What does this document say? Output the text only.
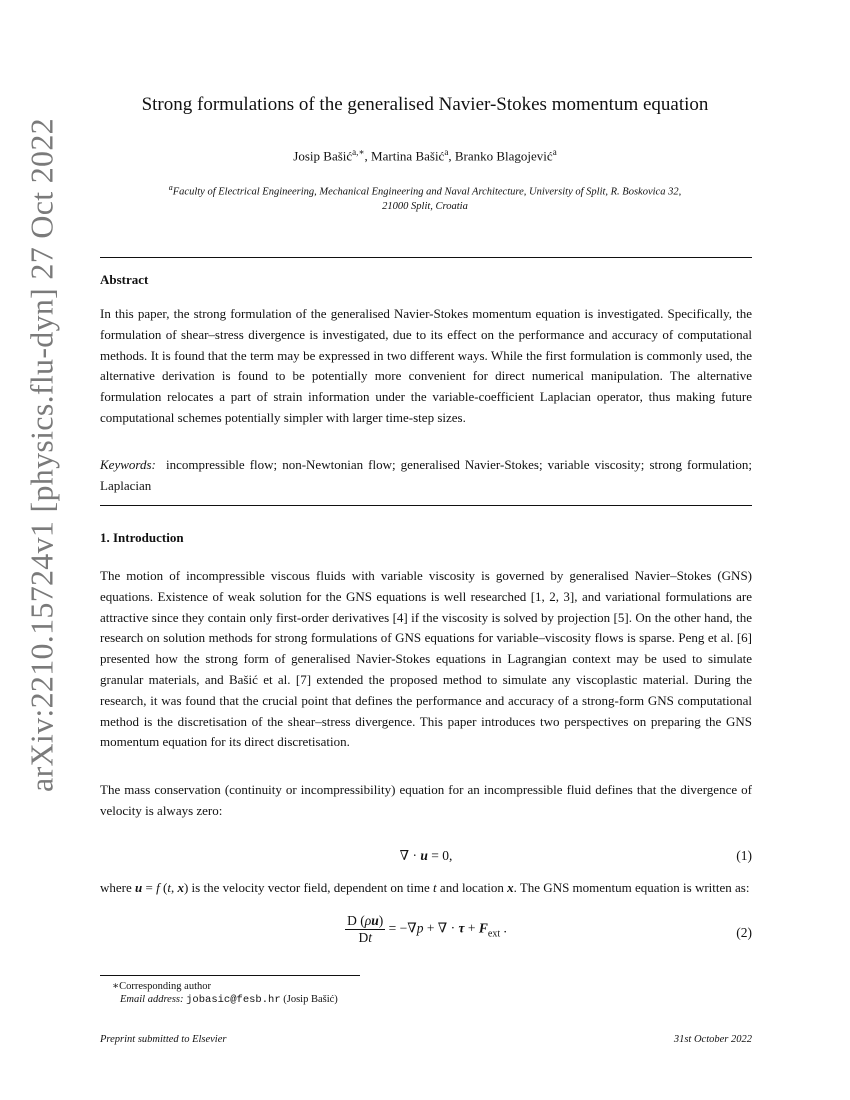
arXiv:2210.15724v1 [physics.flu-dyn] 27 Oct 2022
Strong formulations of the generalised Navier-Stokes momentum equation
Josip Bašić$^{a,∗}$, Martina Bašić$^a$, Branko Blagojević$^a$
$^a$Faculty of Electrical Engineering, Mechanical Engineering and Naval Architecture, University of Split, R. Boskovica 32,
21000 Split, Croatia
Abstract
In this paper, the strong formulation of the generalised Navier-Stokes momentum equation is investigated. Specifically, the formulation of shear–stress divergence is investigated, due to its effect on the performance and accuracy of computational methods. It is found that the term may be expressed in two different ways. While the first formulation is commonly used, the alternative derivation is found to be potentially more convenient for direct numerical manipulation. The alternative formulation relocates a part of strain information under the variable-coefficient Laplacian operator, thus making future computational schemes potentially simpler with larger time-step sizes.
Keywords: incompressible flow; non-Newtonian flow; generalised Navier-Stokes; variable viscosity; strong formulation; Laplacian
1. Introduction
The motion of incompressible viscous fluids with variable viscosity is governed by generalised Navier–Stokes (GNS) equations. Existence of weak solution for the GNS equations is well researched [1, 2, 3], and variational formulations are attractive since they contain only first-order derivatives [4] if the viscosity is solved by projection [5]. On the other hand, the research on solution methods for strong formulations of GNS equations for variable–viscosity flows is sparse. Peng et al. [6] presented how the strong form of generalised Navier-Stokes equations in Lagrangian context may be used to simulate granular materials, and Bašić et al. [7] extended the proposed method to simulate any viscoplastic material. During the research, it was found that the crucial point that defines the performance and accuracy of a strong-form GNS computational method is the discretisation of the shear–stress divergence. This paper introduces two perspectives on preparing the GNS momentum equation for its direct discretisation.
The mass conservation (continuity or incompressibility) equation for an incompressible fluid defines that the divergence of velocity is always zero:
∇ · u = 0,	(1)
where u = f (t, x) is the velocity vector field, dependent on time t and location x. The GNS momentum equation is written as:
$\frac{D (\rho u)}{Dt} = -\nabla p$ + ∇ · $\tau + F_{ext}$ .	(2)
∗Corresponding author
Email address: jobasic@fesb.hr (Josip Bašić)
Preprint submitted to Elsevier	31st October 2022
